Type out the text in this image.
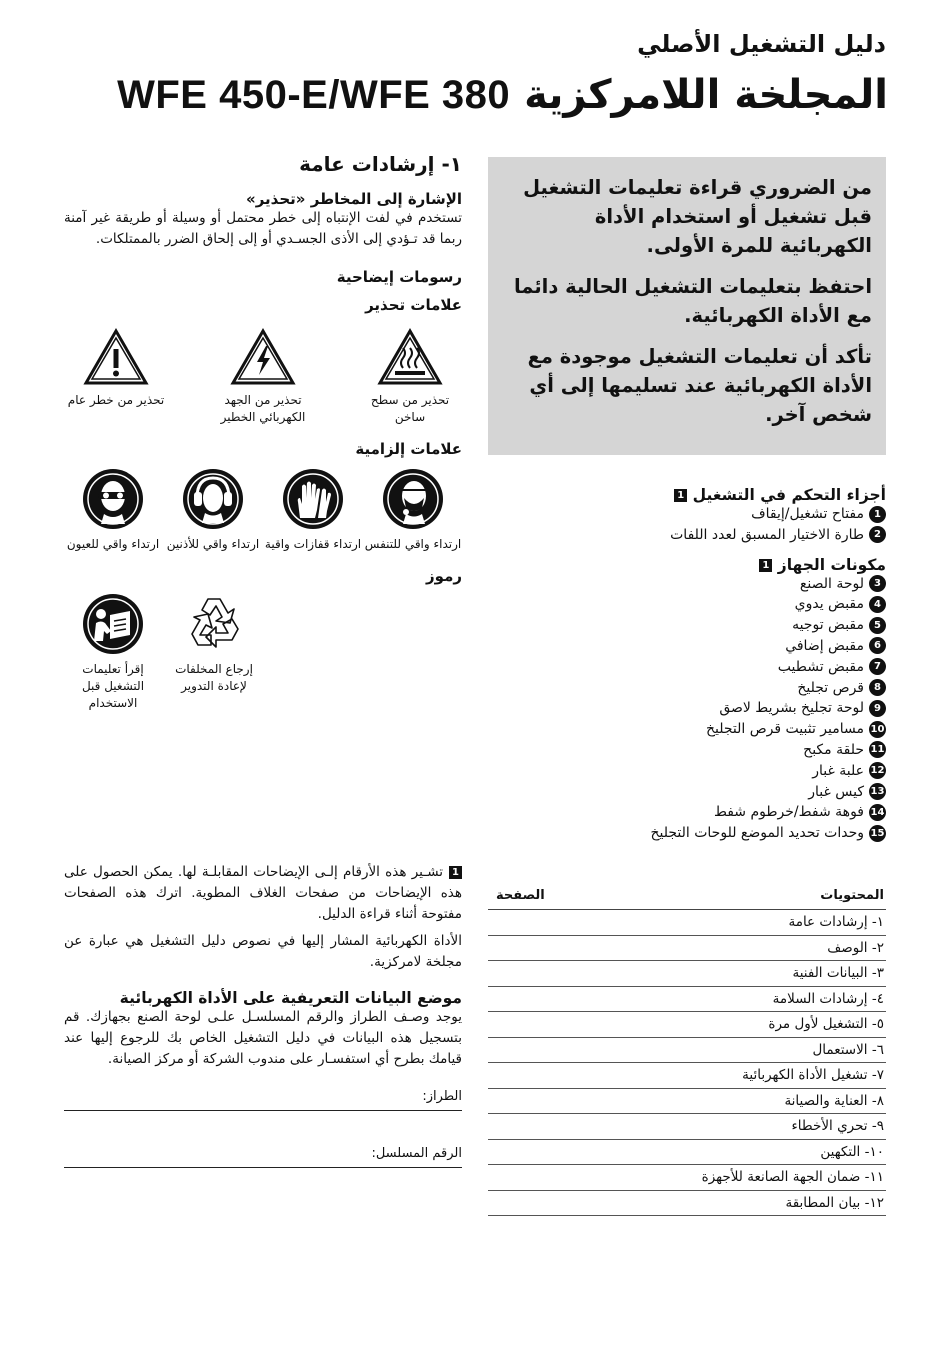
دليل التشغيل الأصلي
WFE 450-E/WFE 380 المجلخة اللامركزية
١- إرشادات عامة
الإشارة إلى المخاطر «تحذير»
تستخدم في لفت الإنتباه إلى خطر محتمل أو وسيلة أو طريقة غير آمنة ربما قد تـؤدي إلى الأذى الجسـدي أو إلى إلحاق الضرر بالممتلكات.
رسومات إيضاحية
علامات تحذير
تحذير من خطر عام	تحذير من الجهد الكهربائي الخطير
تحذير من سطح ساخن
علامات إلزامية
ارتداء واقي للعيون ارتداء واقي للأذنين ارتداء قفازات واقية ارتداء واقي للتنفس
رموز
إقرأ تعليمات التشغيل قبل الاستخدام
إرجاع المخلفات لإعادة التدوير
1تشـير هذه الأرقام إلـى الإيضاحات المقابلـة لها. يمكن الحصول على هذه الإيضاحات من صفحات الغلاف المطوية. اترك هذه الصفحات مفتوحة أثناء قراءة الدليل.
الأداة الكهربائية المشار إليها في نصوص دليل التشغيل هي عبارة عن مجلخة لامركزية.
موضع البيانات التعريفية على الأداة الكهربائية
يوجد وصـف الطراز والرقم المسلسـل علـى لوحة الصنع بجهازك. قم بتسجيل هذه البيانات في دليل التشغيل الخاص بك للرجوع إليها عند قيامك بطرح أي استفسـار على مندوب الشركة أو مركز الصيانة.
الطراز:
الرقم المسلسل:

من الضروري قراءة تعليمات التشغيل قبل تشغيل أو استخدام الأداة الكهربائية للمرة الأولى.

احتفظ بتعليمات التشغيل الحالية دائما مع الأداة الكهربائية.

تأكد أن تعليمات التشغيل موجودة مع الأداة الكهربائية عند تسليمها إلى أي شخص آخر.

أجزاء التحكم في التشغيل 1
1مفتاح تشغيل/إيقاف
2طارة الاختيار المسبق لعدد اللفات
مكونات الجهاز 1
3لوحة الصنع
4مقبض يدوي
5مقبض توجيه
6مقبض إضافي
7مقبض تشطيب
8قرص تجليخ
9لوحة تجليخ بشريط لاصق
10مسامير تثبيت قرص التجليخ
11حلقة مكبح
12علبة غبار
13كيس غبار
14فوهة شفط/خرطوم شفط
15وحدات تحديد الموضع للوحات التجليخ
المحتويات
الصفحة
١- إرشادات عامة
٢- الوصف
٣- البيانات الفنية
٤- إرشادات السلامة
٥- التشغيل لأول مرة
٦- الاستعمال
٧- تشغيل الأداة الكهربائية
٨- العناية والصيانة
٩- تحري الأخطاء
١٠- التكهين
١١- ضمان الجهة الصانعة للأجهزة
١٢- بيان المطابقة
